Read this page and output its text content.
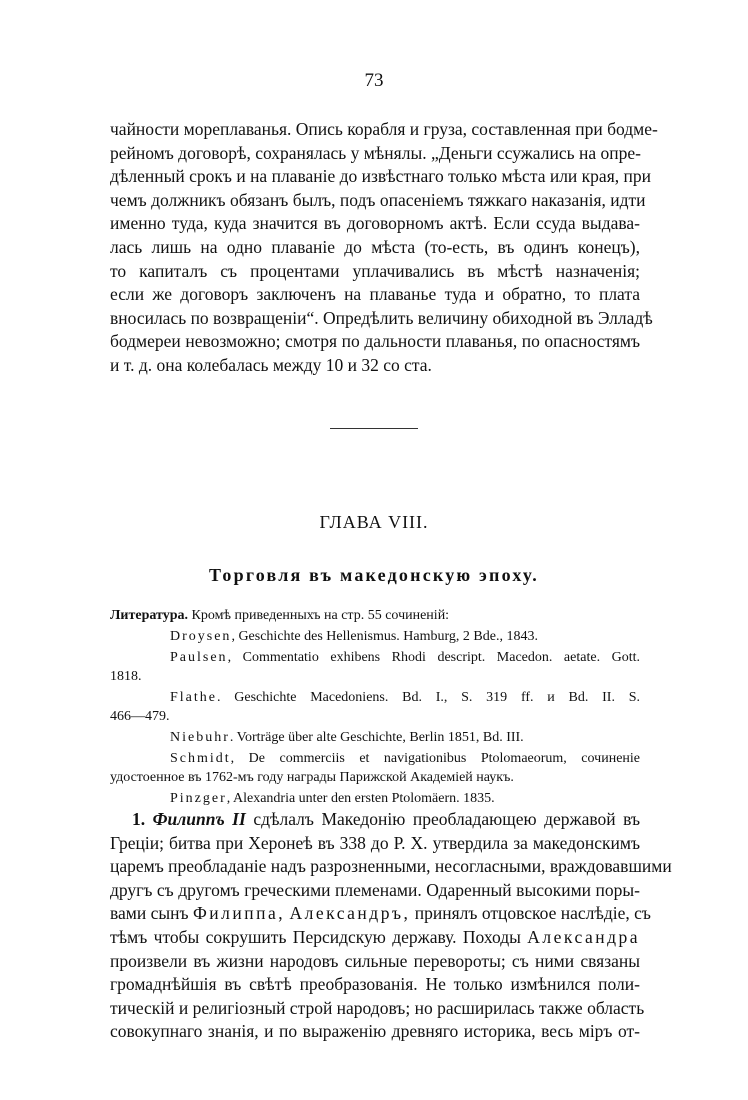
73
чайности мореплаванья. Опись корабля и груза, составленная при бодме-
рейномъ договорѣ, сохранялась у мѣнялы. „Деньги ссужались на опре-
дѣленный срокъ и на плаваніе до извѣстнаго только мѣста или края, при
чемъ должникъ обязанъ былъ, подъ опасеніемъ тяжкаго наказанія, идти
именно туда, куда значится въ договорномъ актѣ. Если ссуда выдава-
лась лишь на одно плаваніе до мѣста (то-есть, въ одинъ конецъ),
то капиталъ съ процентами уплачивались въ мѣстѣ назначенія;
если же договоръ заключенъ на плаванье туда и обратно, то плата
вносилась по возвращеніи“. Опредѣлить величину обиходной въ Элладѣ
бодмереи невозможно; смотря по дальности плаванья, по опасностямъ
и т. д. она колебалась между 10 и 32 со ста.
ГЛАВА VIII.
Торговля въ македонскую эпоху.
Литература. Кромѣ приведенныхъ на стр. 55 сочиненій:
Droysen, Geschichte des Hellenismus. Hamburg, 2 Bde., 1843.
Paulsen, Commentatio exhibens Rhodi descript. Macedon. aetate. Gott.
1818.
Flathe. Geschichte Macedoniens. Bd. I., S. 319 ff. и Bd. II. S.
466—479.
Niebuhr. Vorträge über alte Geschichte, Berlin 1851, Bd. III.
Schmidt, De commerciis et navigationibus Ptolomaeorum, сочиненіе
удостоенное въ 1762-мъ году награды Парижской Академіей наукъ.
Pinzger, Alexandria unter den ersten Ptolomäern. 1835.
1. Филиппъ II сдѣлалъ Македонію преобладающею державой въ
Греціи; битва при Херонеѣ въ 338 до Р. Х. утвердила за македонскимъ
царемъ преобладаніе надъ разрозненными, несогласными, враждовавшими
другъ съ другомъ греческими племенами. Одаренный высокими поры-
вами сынъ Филиппа, Александръ, принялъ отцовское наслѣдіе, съ
тѣмъ чтобы сокрушить Персидскую державу. Походы Александра
произвели въ жизни народовъ сильные перевороты; съ ними связаны
громаднѣйшія въ свѣтѣ преобразованія. Не только измѣнился поли-
тическій и религіозный строй народовъ; но расширилась также область
совокупнаго знанія, и по выраженію древняго историка, весь міръ от-
